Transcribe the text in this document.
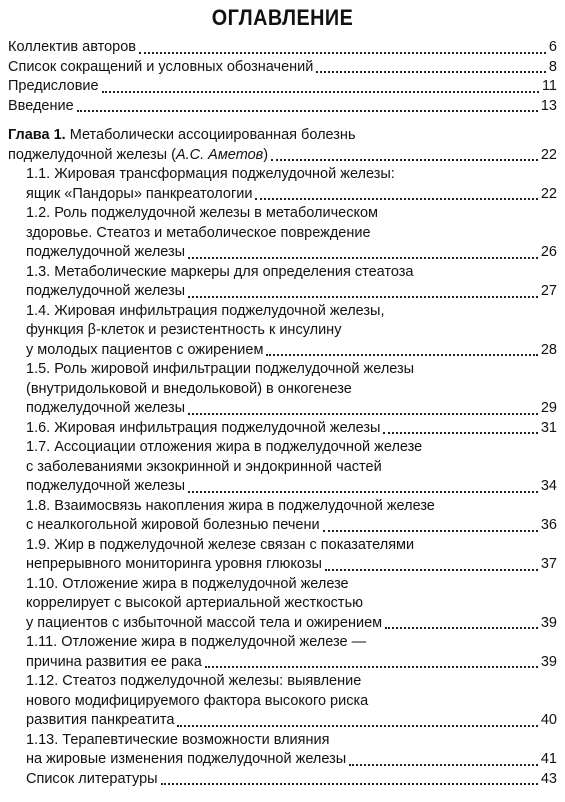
ОГЛАВЛЕНИЕ
Коллектив авторов	6
Список сокращений и условных обозначений	8
Предисловие	11
Введение	13
Глава 1. Метаболически ассоциированная болезнь
поджелудочной железы (А.С. Аметов)	22
1.1. Жировая трансформация поджелудочной железы:
ящик «Пандоры» панкреатологии	22
1.2. Роль поджелудочной железы в метаболическом
здоровье. Стеатоз и метаболическое повреждение
поджелудочной железы	26
1.3. Метаболические маркеры для определения стеатоза
поджелудочной железы	27
1.4. Жировая инфильтрация поджелудочной железы,
функция β-клеток и резистентность к инсулину
у молодых пациентов с ожирением	28
1.5. Роль жировой инфильтрации поджелудочной железы
(внутридольковой и внедольковой) в онкогенезе
поджелудочной железы	29
1.6. Жировая инфильтрация поджелудочной железы	31
1.7. Ассоциации отложения жира в поджелудочной железе
с заболеваниями экзокринной и эндокринной частей
поджелудочной железы	34
1.8. Взаимосвязь накопления жира в поджелудочной железе
с неалкогольной жировой болезнью печени	36
1.9. Жир в поджелудочной железе связан с показателями
непрерывного мониторинга уровня глюкозы	37
1.10. Отложение жира в поджелудочной железе
коррелирует с высокой артериальной жесткостью
у пациентов с избыточной массой тела и ожирением	39
1.11. Отложение жира в поджелудочной железе —
причина развития ее рака	39
1.12. Стеатоз поджелудочной железы: выявление
нового модифицируемого фактора высокого риска
развития панкреатита	40
1.13. Терапевтические возможности влияния
на жировые изменения поджелудочной железы	41
Список литературы	43
